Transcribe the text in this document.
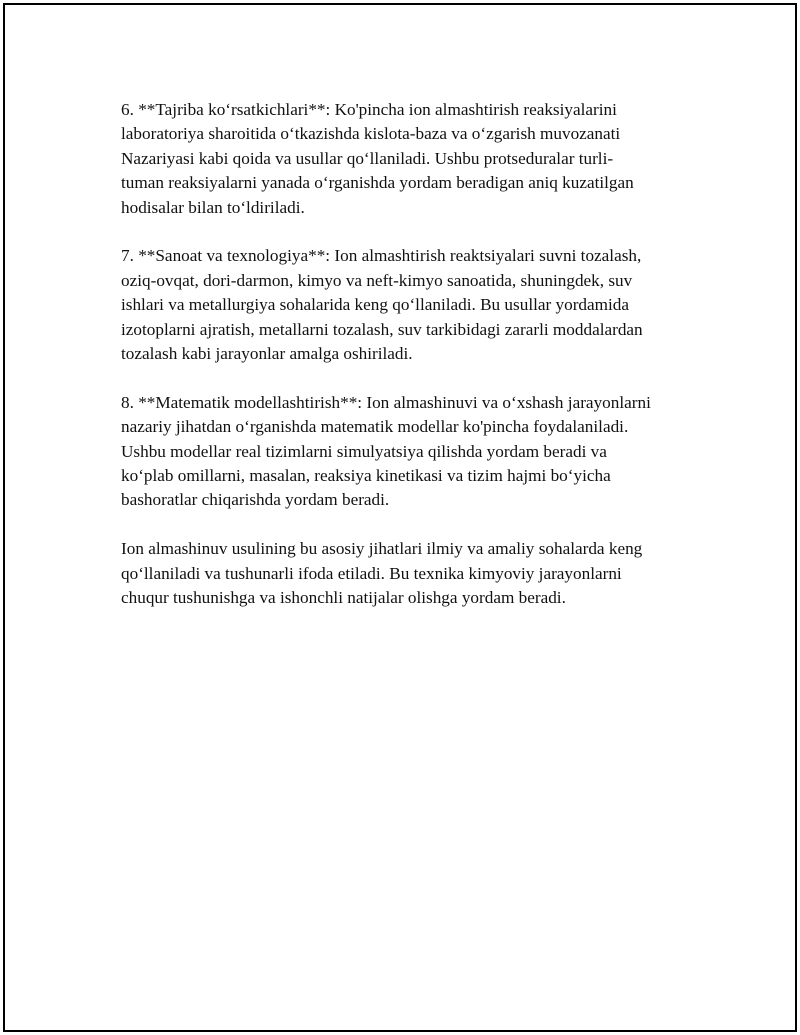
6. **Tajriba ko‘rsatkichlari**: Ko'pincha ion almashtirish reaksiyalarini
laboratoriya sharoitida o‘tkazishda kislota-baza va o‘zgarish muvozanati
Nazariyasi kabi qoida va usullar qo‘llaniladi. Ushbu protseduralar turli-
tuman reaksiyalarni yanada o‘rganishda yordam beradigan aniq kuzatilgan
hodisalar bilan to‘ldiriladi.

7. **Sanoat va texnologiya**: Ion almashtirish reaktsiyalari suvni tozalash,
oziq-ovqat, dori-darmon, kimyo va neft-kimyo sanoatida, shuningdek, suv
ishlari va metallurgiya sohalarida keng qo‘llaniladi. Bu usullar yordamida
izotoplarni ajratish, metallarni tozalash, suv tarkibidagi zararli moddalardan
tozalash kabi jarayonlar amalga oshiriladi.

8. **Matematik modellashtirish**: Ion almashinuvi va o‘xshash jarayonlarni
nazariy jihatdan o‘rganishda matematik modellar ko'pincha foydalaniladi.
Ushbu modellar real tizimlarni simulyatsiya qilishda yordam beradi va
ko‘plab omillarni, masalan, reaksiya kinetikasi va tizim hajmi bo‘yicha
bashoratlar chiqarishda yordam beradi.

Ion almashinuv usulining bu asosiy jihatlari ilmiy va amaliy sohalarda keng
qo‘llaniladi va tushunarli ifoda etiladi. Bu texnika kimyoviy jarayonlarni
chuqur tushunishga va ishonchli natijalar olishga yordam beradi.
